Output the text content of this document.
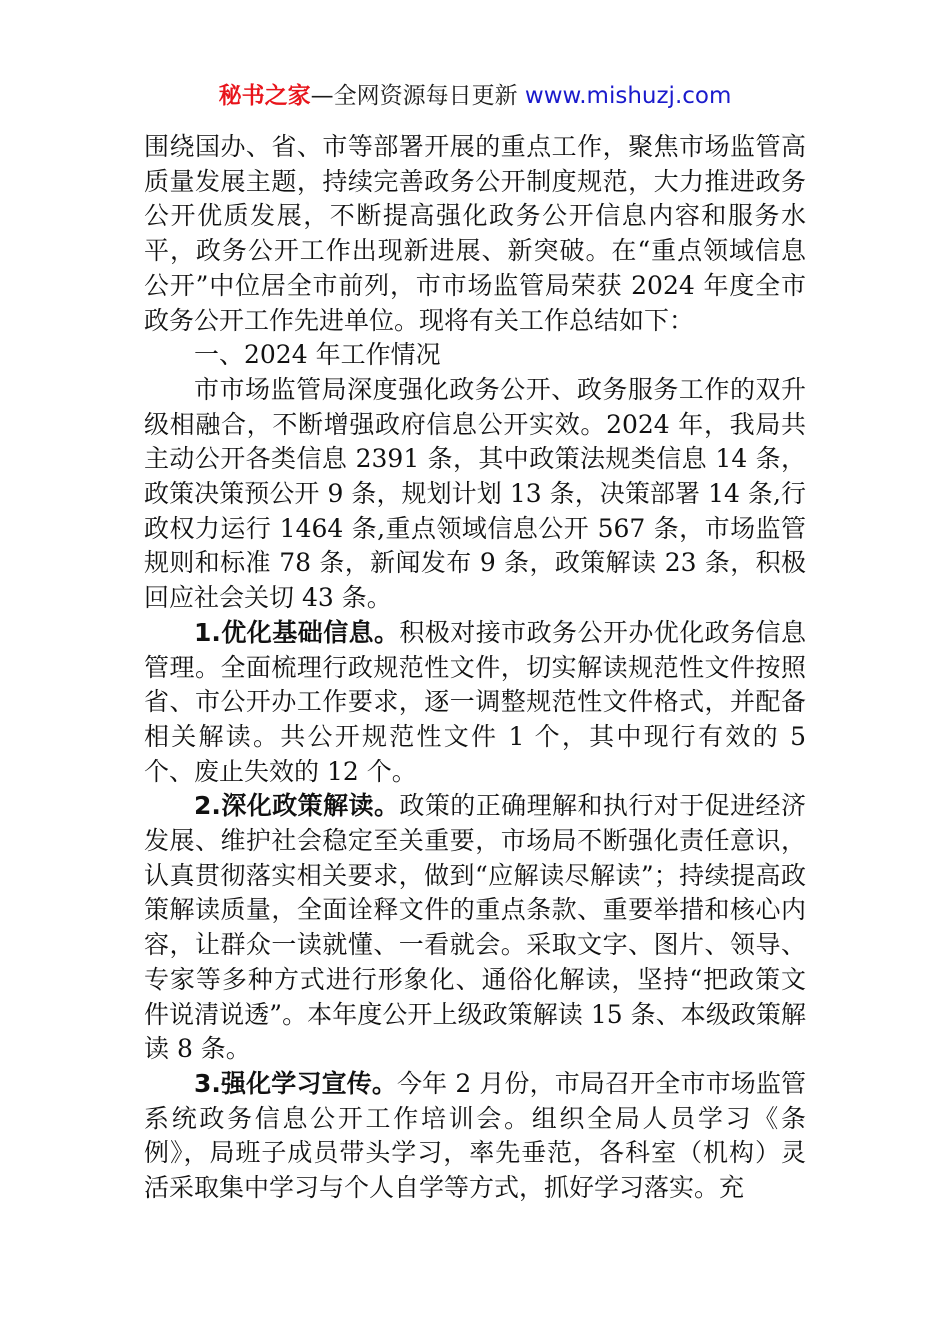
秘书之家—全网资源每日更新 www.mishuzj.com

围绕国办、省、市等部署开展的重点工作，聚焦市场监管高质量发展主题，持续完善政务公开制度规范，大力推进政务公开优质发展，不断提高强化政务公开信息内容和服务水平，政务公开工作出现新进展、新突破。在“重点领域信息公开”中位居全市前列，市市场监管局荣获 2024 年度全市政务公开工作先进单位。现将有关工作总结如下：

一、2024 年工作情况

市市场监管局深度强化政务公开、政务服务工作的双升级相融合，不断增强政府信息公开实效。2024 年，我局共主动公开各类信息 2391 条，其中政策法规类信息 14 条，政策决策预公开 9 条，规划计划 13 条，决策部署 14 条,行政权力运行 1464 条,重点领域信息公开 567 条，市场监管规则和标准 78 条，新闻发布 9 条，政策解读 23 条，积极回应社会关切 43 条。

1.优化基础信息。积极对接市政务公开办优化政务信息管理。全面梳理行政规范性文件，切实解读规范性文件按照省、市公开办工作要求，逐一调整规范性文件格式，并配备相关解读。共公开规范性文件 1 个，其中现行有效的 5 个、废止失效的 12 个。

2.深化政策解读。政策的正确理解和执行对于促进经济发展、维护社会稳定至关重要，市场局不断强化责任意识，认真贯彻落实相关要求，做到“应解读尽解读”；持续提高政策解读质量，全面诠释文件的重点条款、重要举措和核心内容，让群众一读就懂、一看就会。采取文字、图片、领导、专家等多种方式进行形象化、通俗化解读，坚持“把政策文件说清说透”。本年度公开上级政策解读 15 条、本级政策解读 8 条。

3.强化学习宣传。今年 2 月份，市局召开全市市场监管系统政务信息公开工作培训会。组织全局人员学习《条例》，局班子成员带头学习，率先垂范，各科室（机构）灵活采取集中学习与个人自学等方式，抓好学习落实。充
